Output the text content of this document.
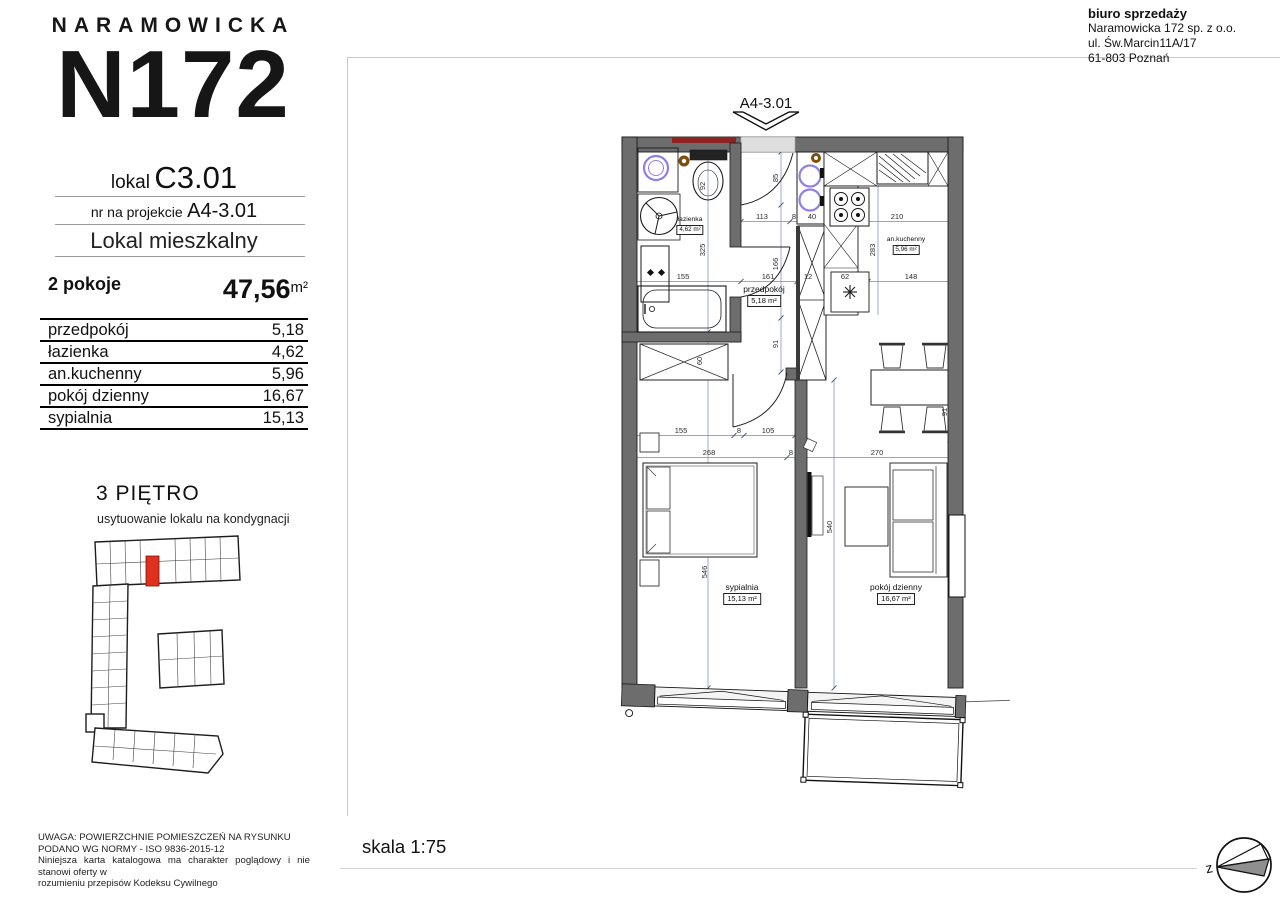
NARAMOWICKA
N172
lokal C3.01
nr na projekcie A4-3.01
Lokal mieszkalny
2 pokoje	$47,56^{m^2}$
przedpokój	5,18
łazienka	4,62
an.kuchenny	5,96
pokój dzienny	16,67
sypialnia	15,13
3 PIĘTRO
usytuowanie lokalu na kondygnacji
UWAGA: POWIERZCHNIE POMIESZCZEŃ NA RYSUNKU
PODANO WG NORMY - ISO 9836-2015-12
Niniejsza karta katalogowa ma charakter poglądowy i nie stanowi oferty w
rozumieniu przepisów Kodeksu Cywilnego
biuro sprzedaży
Naramowicka 172 sp. z o.o.
ul. Św.Marcin11A/17
61-803 Poznań
skala 1:75
113	8 40	210
85
92
325
166
283
155	161	12	62	148
91
60
155	8	105
268	8	270
91
546
540
A4-3.01
łazienka
4,62 m²
przedpokój
5,18 m²
an.kuchenny
5,96 m²
sypialnia
15,13 m²
pokój dzienny
16,67 m²
z
